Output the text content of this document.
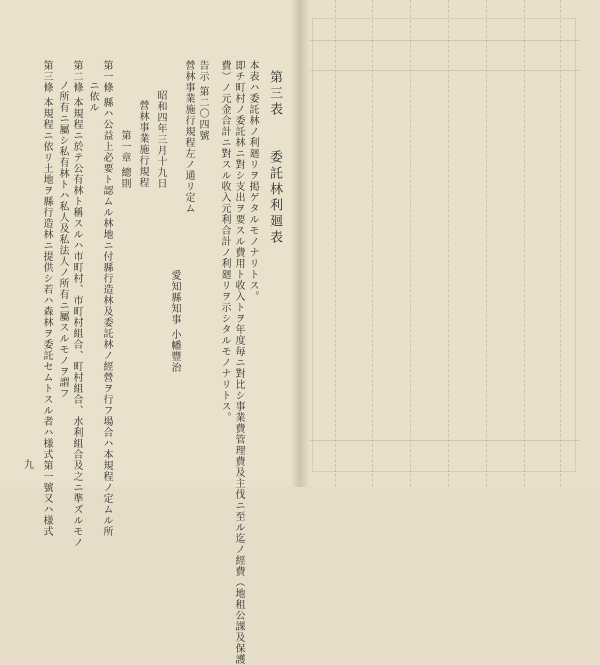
第三表
委託林利廻表
本表ハ委託林ノ利廻リヲ掲ゲタルモノナリトス。
即チ町村ノ委託林ニ對シ支出ヲ要スル費用ト收入トヲ年度毎ニ對比シ事業費管理費及主伐ニ至ル迄ノ經費（地租公課及保護
費）ノ元金合計ニ對スル收入元利合計ノ利廻リヲ示シタルモノナリトス。
告示 第二〇四號
營林事業施行規程左ノ通リ定ム
愛知縣知事 小幡豐治
昭和四年三月十九日
營林事業施行規程
第一章 總則
第一條 縣ハ公益上必要ト認ムル林地ニ付縣行造林及委託林ノ經營ヲ行フ場合ハ本規程ノ定ムル所
ニ依ル
第二條 本規程ニ於テ公有林ト稱スルハ市町村、市町村組合、町村組合、水利組合及之ニ準ズルモノ
ノ所有ニ屬シ私有林トハ私人及私法人ノ所有ニ屬スルモノヲ謂フ
第三條 本規程ニ依リ土地ヲ縣行造林ニ提供シ若ハ森林ヲ委託セムトスル者ハ様式第一號又ハ様式
九
